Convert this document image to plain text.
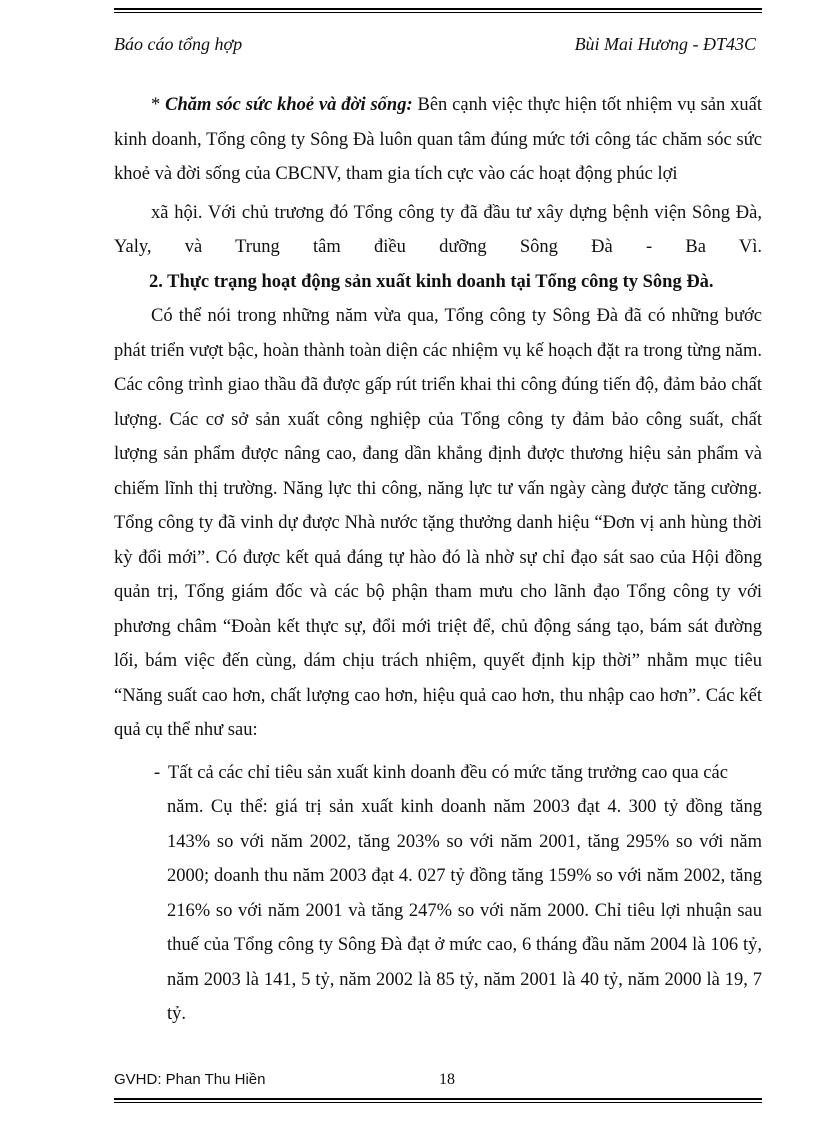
Báo cáo tổng hợp	Bùi Mai Hương - ĐT43C

* Chăm sóc sức khoẻ và đời sống: Bên cạnh việc thực hiện tốt nhiệm vụ sản xuất kinh doanh, Tổng công ty Sông Đà luôn quan tâm đúng mức tới công tác chăm sóc sức khoẻ và đời sống của CBCNV, tham gia tích cực vào các hoạt động phúc lợi

xã hội. Với chủ trương đó Tổng công ty đã đầu tư xây dựng bệnh viện Sông Đà, Yaly, và Trung tâm điều dưỡng Sông Đà - Ba Vì.

2. Thực trạng hoạt động sản xuất kinh doanh tại Tổng công ty Sông Đà.

Có thể nói trong những năm vừa qua, Tổng công ty Sông Đà đã có những bước phát triển vượt bậc, hoàn thành toàn diện các nhiệm vụ kế hoạch đặt ra trong từng năm. Các công trình giao thầu đã được gấp rút triển khai thi công đúng tiến độ, đảm bảo chất lượng. Các cơ sở sản xuất công nghiệp của Tổng công ty đảm bảo công suất, chất lượng sản phẩm được nâng cao, đang dần khẳng định được thương hiệu sản phẩm và chiếm lĩnh thị trường. Năng lực thi công, năng lực tư vấn ngày càng được tăng cường. Tổng công ty đã vinh dự được Nhà nước tặng thưởng danh hiệu “Đơn vị anh hùng thời kỳ đổi mới”. Có được kết quả đáng tự hào đó là nhờ sự chỉ đạo sát sao của Hội đồng quản trị, Tổng giám đốc và các bộ phận tham mưu cho lãnh đạo Tổng công ty với phương châm “Đoàn kết thực sự, đổi mới triệt để, chủ động sáng tạo, bám sát đường lối, bám việc đến cùng, dám chịu trách nhiệm, quyết định kịp thời” nhằm mục tiêu “Năng suất cao hơn, chất lượng cao hơn, hiệu quả cao hơn, thu nhập cao hơn”. Các kết quả cụ thể như sau:

- Tất cả các chỉ tiêu sản xuất kinh doanh đều có mức tăng trưởng cao qua các

năm. Cụ thể: giá trị sản xuất kinh doanh năm 2003 đạt 4. 300 tỷ đồng tăng 143% so với năm 2002, tăng 203% so với năm 2001, tăng 295% so với năm 2000; doanh thu năm 2003 đạt 4. 027 tỷ đồng tăng 159% so với năm 2002, tăng 216% so với năm 2001 và tăng 247% so với năm 2000. Chỉ tiêu lợi nhuận sau thuế của Tổng công ty Sông Đà đạt ở mức cao, 6 tháng đầu năm 2004 là 106 tỷ, năm 2003 là 141, 5 tỷ, năm 2002 là 85 tỷ, năm 2001 là 40 tỷ, năm 2000 là 19, 7 tỷ.

GVHD: Phan Thu Hiền	18
